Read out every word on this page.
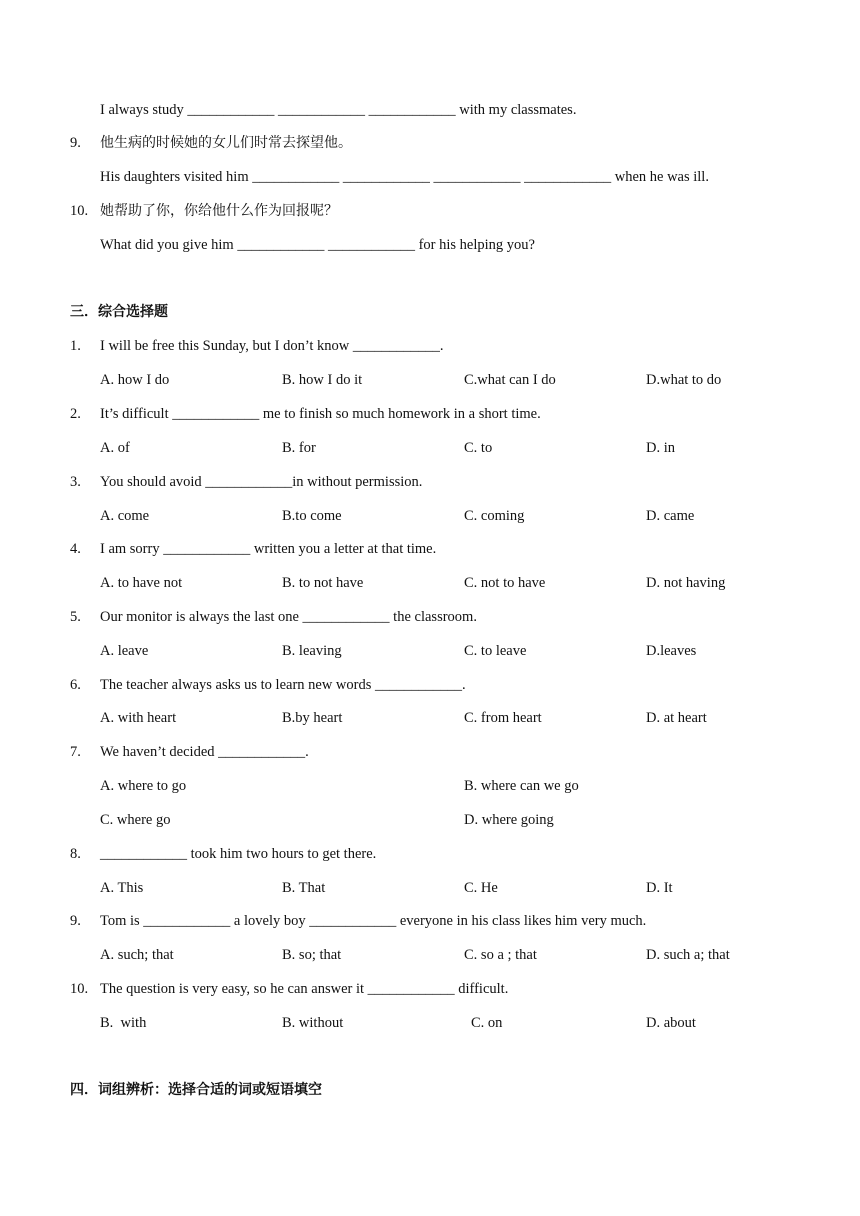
I always study ____________ ____________ ____________ with my classmates.
9. 他生病的时候她的女儿们时常去探望他。
His daughters visited him ____________ ____________ ____________ ____________ when he was ill.
10. 她帮助了你，你给他什么作为回报呢？
What did you give him ____________ ____________ for his helping you?
三．综合选择题
1. I will be free this Sunday, but I don’t know ____________.
A. how I do	B. how I do it	C.what can I do	D.what to do
2. It’s difficult ____________ me to finish so much homework in a short time.
A. of	B. for	C. to	D. in
3. You should avoid ____________in without permission.
A. come	B.to come	C. coming	D. came
4. I am sorry ____________ written you a letter at that time.
A. to have not	B. to not have	C. not to have	D. not having
5. Our monitor is always the last one ____________ the classroom.
A. leave	B. leaving	C. to leave	D.leaves
6. The teacher always asks us to learn new words ____________.
A. with heart	B.by heart	C. from heart	D. at heart
7. We haven’t decided ____________.
A. where to go	B. where can we go
C. where go	D. where going
8. ____________ took him two hours to get there.
A. This	B. That	C. He	D. It
9. Tom is ____________ a lovely boy ____________ everyone in his class likes him very much.
A. such; that	B. so; that	C. so a ; that	D. such a; that
10. The question is very easy, so he can answer it ____________ difficult.
B.  with	B. without	C. on	D. about
四．词组辨析：选择合适的词或短语填空
